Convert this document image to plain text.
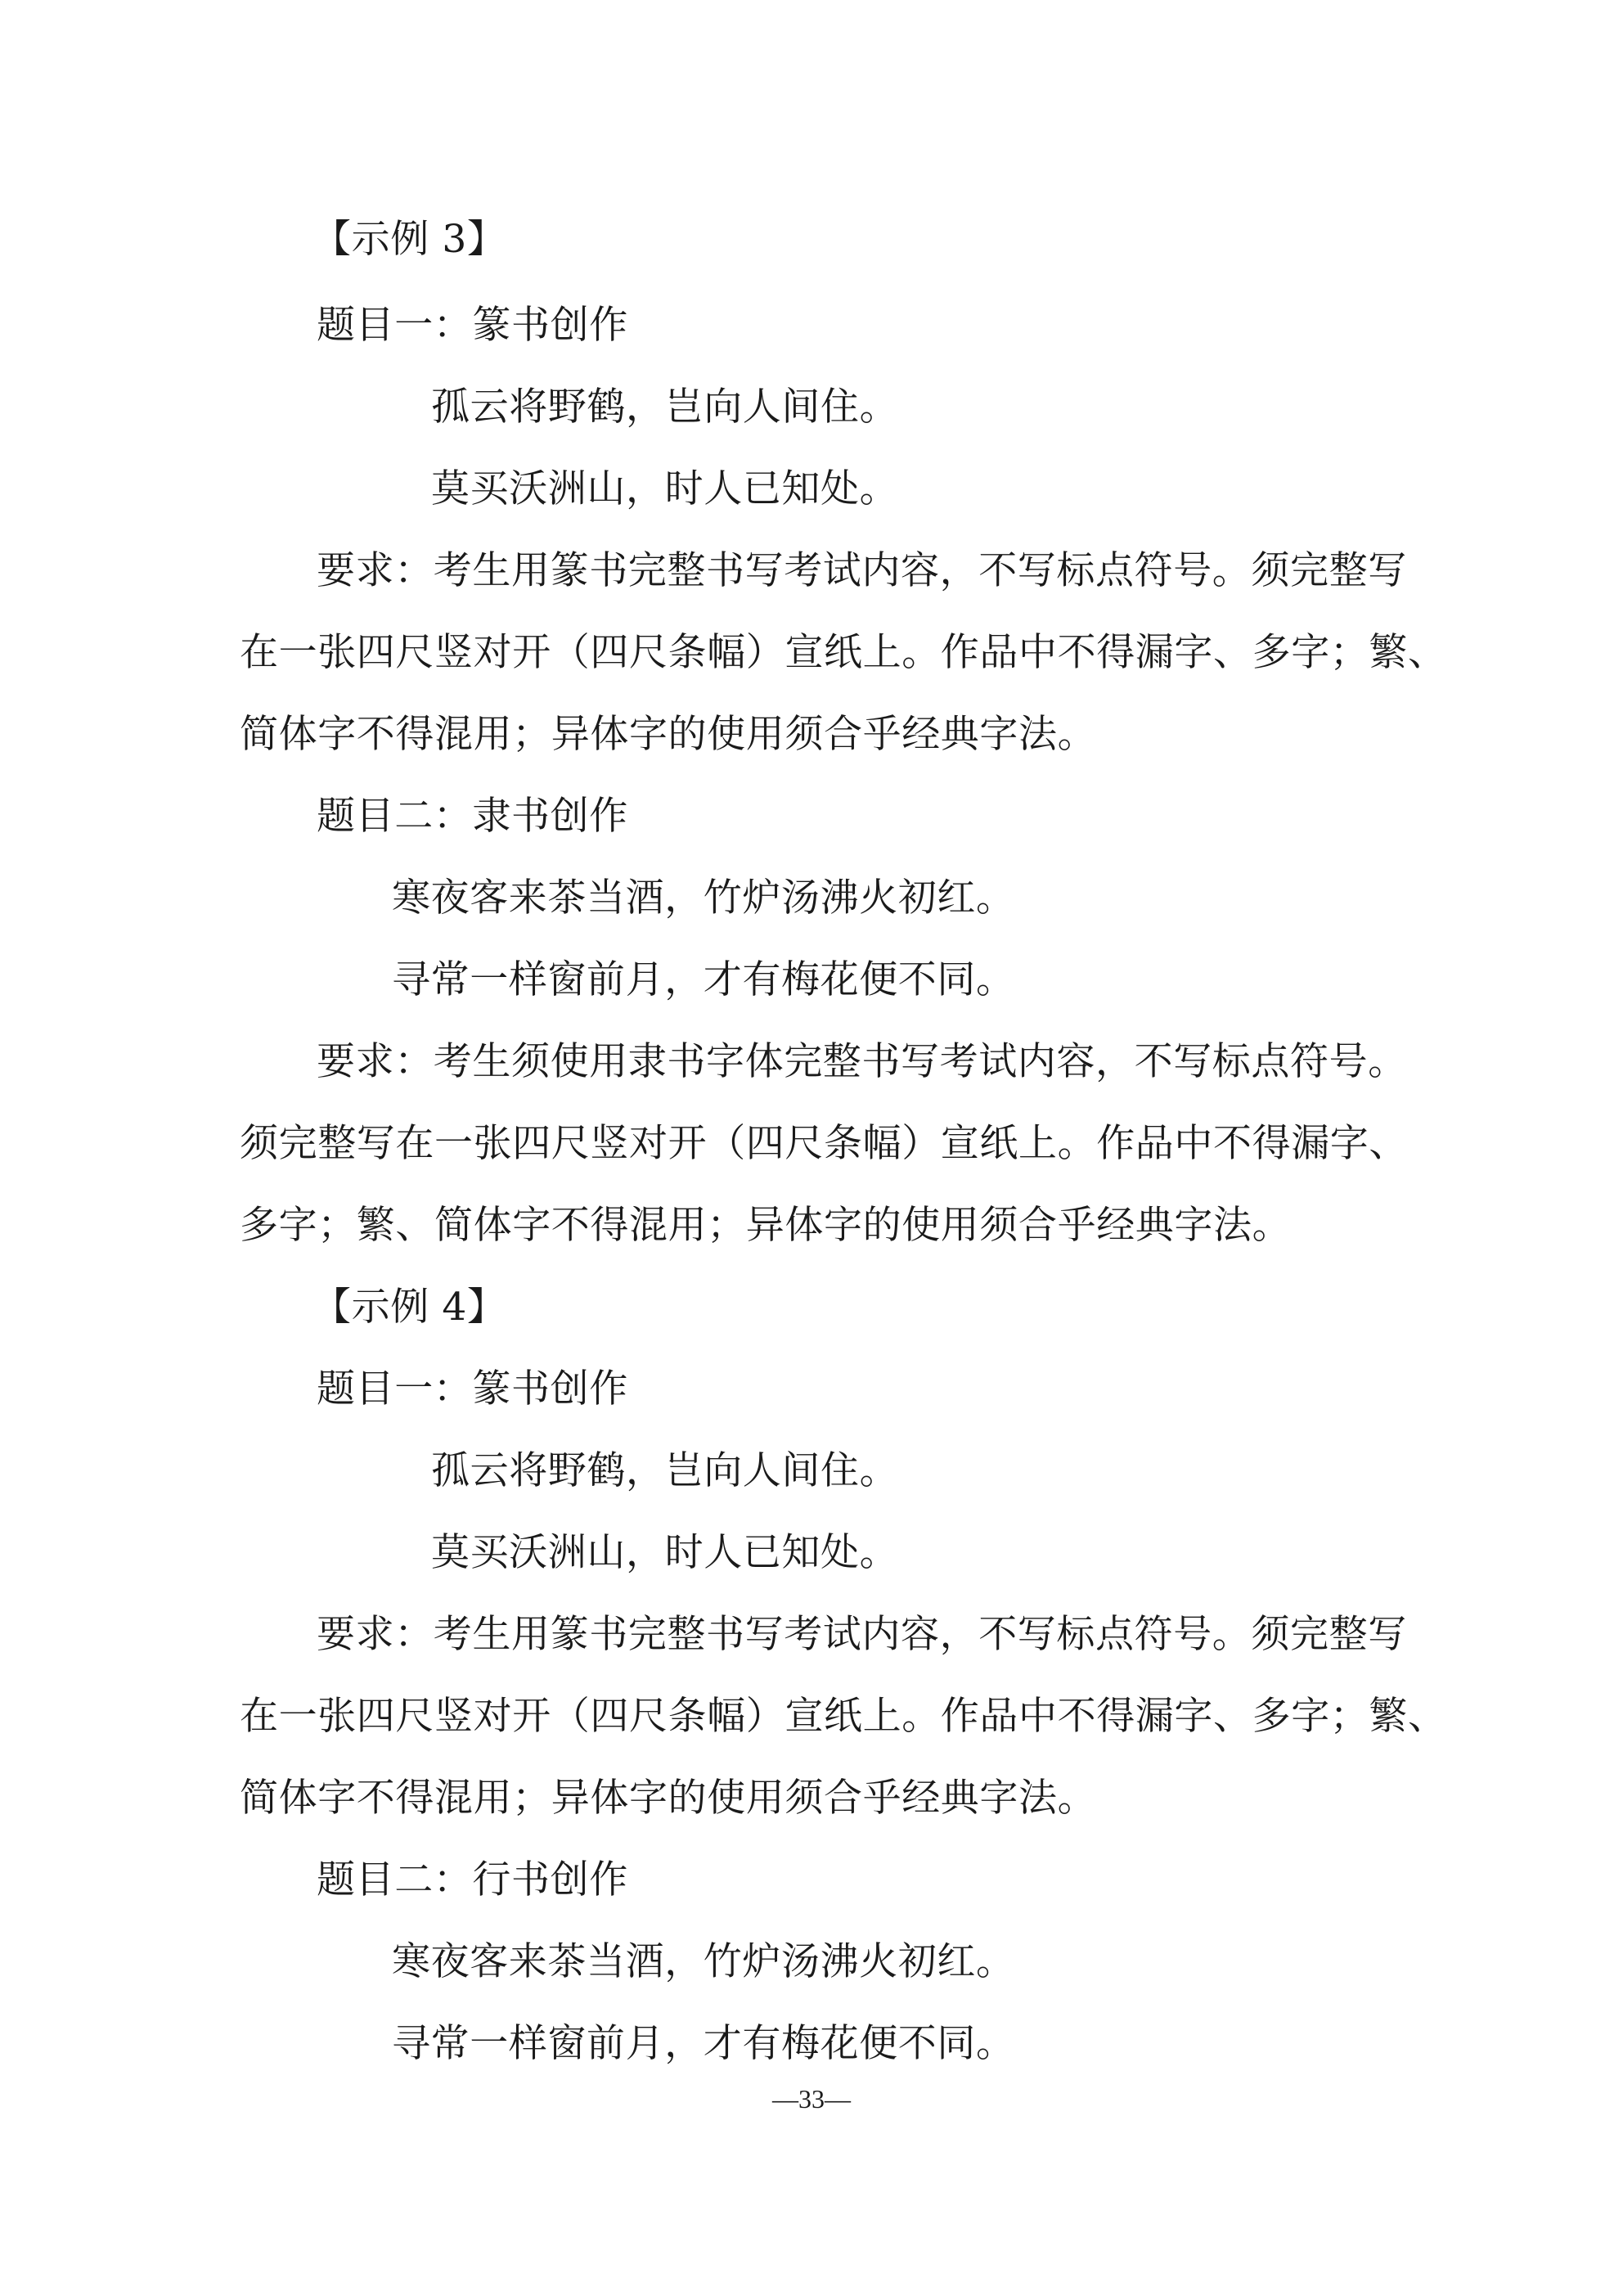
【示例 3】
题目一：篆书创作
孤云将野鹤，岂向人间住。
莫买沃洲山，时人已知处。
要求：考生用篆书完整书写考试内容，不写标点符号。须完整写
在一张四尺竖对开（四尺条幅）宣纸上。作品中不得漏字、多字；繁、
简体字不得混用；异体字的使用须合乎经典字法。
题目二：隶书创作
寒夜客来茶当酒，竹炉汤沸火初红。
寻常一样窗前月，才有梅花便不同。
要求：考生须使用隶书字体完整书写考试内容，不写标点符号。
须完整写在一张四尺竖对开（四尺条幅）宣纸上。作品中不得漏字、
多字；繁、简体字不得混用；异体字的使用须合乎经典字法。
【示例 4】
题目一：篆书创作
孤云将野鹤，岂向人间住。
莫买沃洲山，时人已知处。
要求：考生用篆书完整书写考试内容，不写标点符号。须完整写
在一张四尺竖对开（四尺条幅）宣纸上。作品中不得漏字、多字；繁、
简体字不得混用；异体字的使用须合乎经典字法。
题目二：行书创作
寒夜客来茶当酒，竹炉汤沸火初红。
寻常一样窗前月，才有梅花便不同。
—33—
